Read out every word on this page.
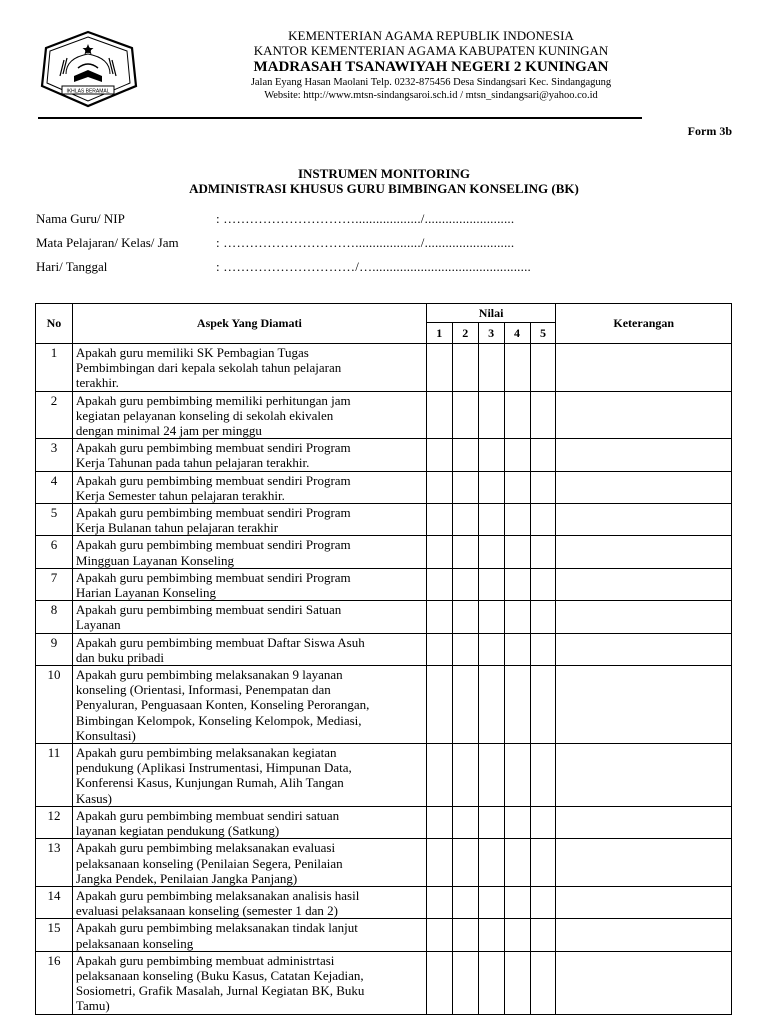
IKHLAS BERAMAL
KEMENTERIAN AGAMA REPUBLIK INDONESIA
KANTOR KEMENTERIAN AGAMA KABUPATEN KUNINGAN
MADRASAH TSANAWIYAH NEGERI 2 KUNINGAN
Jalan Eyang Hasan Maolani Telp. 0232-875456 Desa Sindangsari Kec. Sindangagung
Website: http://www.mtsn-sindangsaroi.sch.id / mtsn_sindangsari@yahoo.co.id
Form 3b
INSTRUMEN MONITORING
ADMINISTRASI KHUSUS GURU BIMBINGAN KONSELING (BK)
Nama Guru/ NIP	: ………………………….................../..........................
Mata Pelajaran/ Kelas/ Jam	: ………………………….................../..........................
Hari/ Tanggal	: …………………………/…..............................................
No	Aspek Yang Diamati	Nilai					Keterangan
		1	2	3	4	5	
1	Apakah guru memiliki SK Pembagian Tugas
Pembimbingan dari kepala sekolah tahun pelajaran
terakhir.						

2	Apakah guru pembimbing memiliki perhitungan jam
kegiatan pelayanan konseling di sekolah ekivalen
dengan minimal 24 jam per minggu						

3	Apakah guru pembimbing membuat sendiri Program
Kerja Tahunan pada tahun pelajaran terakhir.						

4	Apakah guru pembimbing membuat sendiri Program
Kerja Semester tahun pelajaran terakhir.						

5	Apakah guru pembimbing membuat sendiri Program
Kerja Bulanan tahun pelajaran terakhir						

6	Apakah guru pembimbing membuat sendiri Program
Mingguan Layanan Konseling						

7	Apakah guru pembimbing membuat sendiri Program
Harian Layanan Konseling						

8	Apakah guru pembimbing membuat sendiri Satuan
Layanan						

9	Apakah guru pembimbing membuat Daftar Siswa Asuh
dan buku pribadi						

10	Apakah guru pembimbing melaksanakan 9 layanan
konseling (Orientasi, Informasi, Penempatan dan
Penyaluran, Penguasaan Konten, Konseling Perorangan,
Bimbingan Kelompok, Konseling Kelompok, Mediasi,
Konsultasi)						

11	Apakah guru pembimbing melaksanakan kegiatan
pendukung (Aplikasi Instrumentasi, Himpunan Data,
Konferensi Kasus, Kunjungan Rumah, Alih Tangan
Kasus)						

12	Apakah guru pembimbing membuat sendiri satuan
layanan kegiatan pendukung (Satkung)						

13	Apakah guru pembimbing melaksanakan evaluasi
pelaksanaan konseling (Penilaian Segera, Penilaian
Jangka Pendek, Penilaian Jangka Panjang)						

14	Apakah guru pembimbing melaksanakan analisis hasil
evaluasi pelaksanaan konseling (semester 1 dan 2)						

15	Apakah guru pembimbing melaksanakan tindak lanjut
pelaksanaan konseling						

16	Apakah guru pembimbing membuat administrtasi
pelaksanaan konseling (Buku Kasus, Catatan Kejadian,
Sosiometri, Grafik Masalah, Jurnal Kegiatan BK, Buku
Tamu)						
